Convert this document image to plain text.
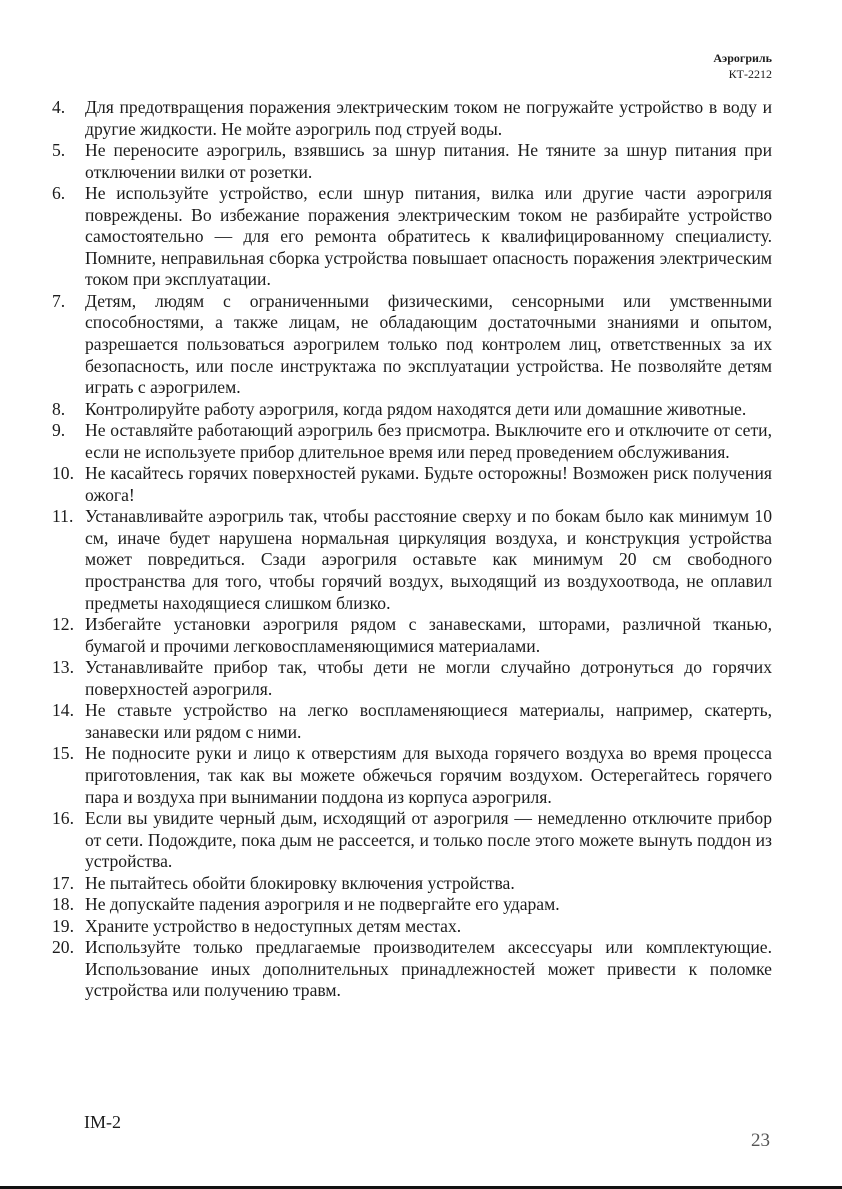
Аэрогриль
КТ-2212
4.	Для предотвращения поражения электрическим током не погружайте устройство в воду и другие жидкости. Не мойте аэрогриль под струей воды.
5.	Не переносите аэрогриль, взявшись за шнур питания. Не тяните за шнур питания при отключении вилки от розетки.
6.	Не используйте устройство, если шнур питания, вилка или другие части аэрогриля повреждены. Во избежание поражения электрическим током не разбирайте устройство самостоятельно — для его ремонта обратитесь к квалифицированному специалисту. Помните, неправильная сборка устройства повышает опасность поражения электрическим током при эксплуатации.
7.	Детям, людям с ограниченными физическими, сенсорными или умственными способностями, а также лицам, не обладающим достаточными знаниями и опытом, разрешается пользоваться аэрогрилем только под контролем лиц, ответственных за их безопасность, или после инструктажа по эксплуатации устройства. Не позволяйте детям играть с аэрогрилем.
8.	Контролируйте работу аэрогриля, когда рядом находятся дети или домашние животные.
9.	Не оставляйте работающий аэрогриль без присмотра. Выключите его и отключите от сети, если не используете прибор длительное время или перед проведением обслуживания.
10. Не касайтесь горячих поверхностей руками. Будьте осторожны! Возможен риск получения ожога!
11. Устанавливайте аэрогриль так, чтобы расстояние сверху и по бокам было как минимум 10 см, иначе будет нарушена нормальная циркуляция воздуха, и конструкция устройства может повредиться. Сзади аэрогриля оставьте как минимум 20 см свободного пространства для того, чтобы горячий воздух, выходящий из воздухоотвода, не оплавил предметы находящиеся слишком близко.
12. Избегайте установки аэрогриля рядом с занавесками, шторами, различной тканью, бумагой и прочими легковоспламеняющимися материалами.
13. Устанавливайте прибор так, чтобы дети не могли случайно дотронуться до горячих поверхностей аэрогриля.
14. Не ставьте устройство на легко воспламеняющиеся материалы, например, скатерть, занавески или рядом с ними.
15. Не подносите руки и лицо к отверстиям для выхода горячего воздуха во время процесса приготовления, так как вы можете обжечься горячим воздухом. Остерегайтесь горячего пара и воздуха при вынимании поддона из корпуса аэрогриля.
16. Если вы увидите черный дым, исходящий от аэрогриля — немедленно отключите прибор от сети. Подождите, пока дым не рассеется, и только после этого можете вынуть поддон из устройства.
17. Не пытайтесь обойти блокировку включения устройства.
18. Не допускайте падения аэрогриля и не подвергайте его ударам.
19. Храните устройство в недоступных детям местах.
20. Используйте только предлагаемые производителем аксессуары или комплектующие. Использование иных дополнительных принадлежностей может привести к поломке устройства или получению травм.
IM-2
23
